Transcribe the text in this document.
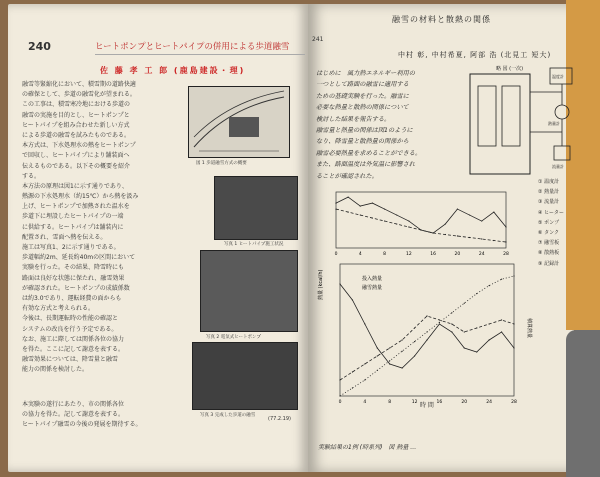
240	ヒートポンプとヒートパイプの併用による歩道融雪
佐 藤 孝 工 郎 (鹿島建設・理)
融雪等緊縮化において、積雪期の道路快適
の確保として、歩道の融雪化が望まれる。
この工事は、積雪寒冷地における歩道の
融雪の実施を目的とし、ヒートポンプと
ヒートパイプを組み合わせた新しい方式
による歩道の融雪を試みたものである。
本方式は、下水処理水の熱をヒートポンプ
で回収し、ヒートパイプにより舗装面へ
伝えるものである。以下その概要を紹介
する。
本方法の原理は図1に示す通りであり、
熱源の下水処理水（約15℃）から熱を汲み
上げ、ヒートポンプで加熱された温水を
歩道下に埋設したヒートパイプの一端
に供給する。ヒートパイプは舗装内に
配置され、雪面へ熱を伝える。
施工は写真1、2に示す通りである。
歩道幅約2m、延長約40mの区間において
実験を行った。その結果、降雪時にも
路面は良好な状態に保たれ、融雪効果
が確認された。ヒートポンプの成績係数
は約3.0であり、運転経費の面からも
有効な方式と考えられる。
今後は、長期運転時の性能の確認と
システムの改良を行う予定である。
なお、施工に際しては関係各位の協力
を得た。ここに記して謝意を表する。
融雪効果については、降雪量と融雪
能力の関係を検討した。
図 1 歩道融雪方式の概要
写真 1 ヒートパイプ施工状況
写真 2 電気式ヒートポンプ
写真 3 完成した歩道の融雪
本実験の遂行にあたり、市の関係各位
の協力を得た。記して謝意を表する。
ヒートパイプ融雪の今後の発展を期待する。
(77.2.19)
241
融雪の材料と散熱の関係
中村 彰, 中村希夏, 阿部 浩 (北見工 短大)
はじめに　風力熱エネルギー利用の
一つとして路面の融雪に適用する
ための基礎実験を行った。融雪に
必要な熱量と散熱の関係について
検討した結果を報告する。
融雪量と熱量の関係は図1のように
なり、降雪量と散熱量の関係から
融雪必要熱量を求めることができる。
また、路面温度は外気温に影響され
ることが確認された。
略 図 (一次)
温度計
熱量計
流量計
① 温度計
② 熱量計
③ 流量計
④ ヒーター
⑤ ポンプ
⑥ タンク
⑦ 融雪板
⑧ 散熱板
⑨ 記録計
0	4	8	12	16	20	24	28
0	4	8	12	16	20	24	28
投入熱量
融雪熱量
熱量 (kcal/h)
積算熱量
時 間
実験結果の1例 (時系列)　図 熱量 …
